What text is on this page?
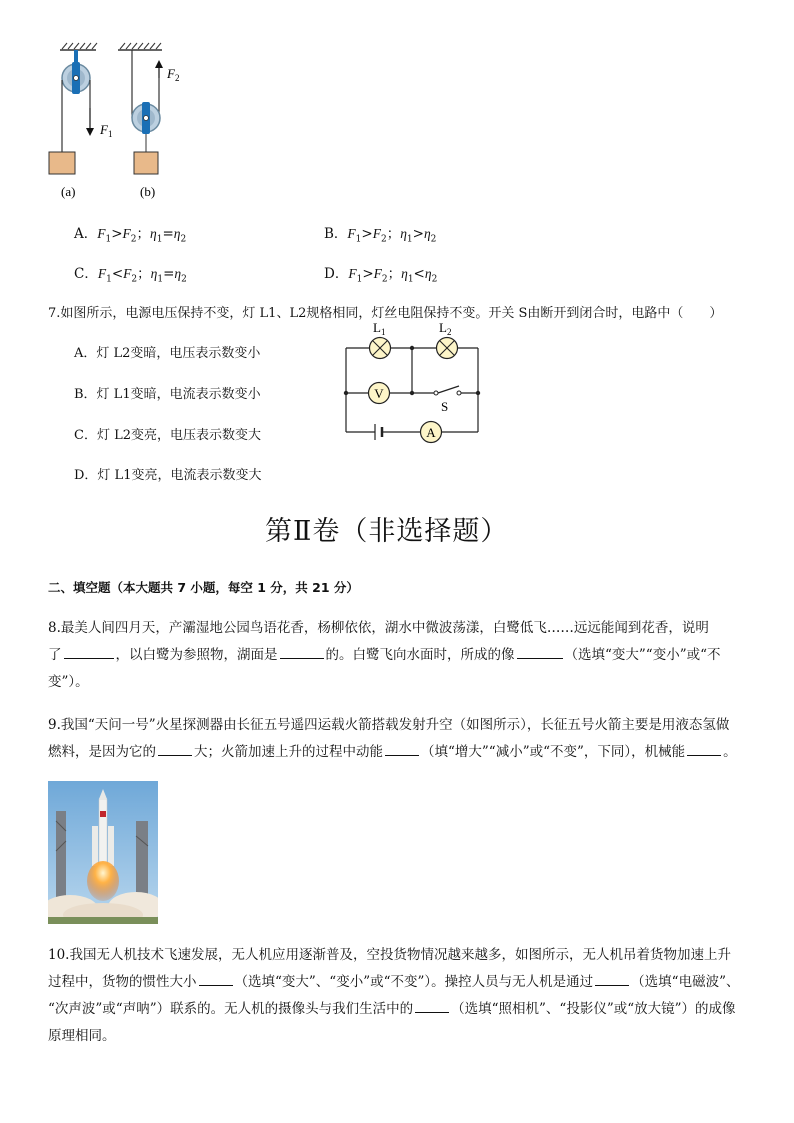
$F_1$
(a)
$F_2$
(b)
A．$F_1>F_2$；$\eta_1=\eta_2$	B．$F_1>F_2$；$\eta_1>\eta_2$
C．$F_1<F_2$；$\eta_1=\eta_2$	D．$F_1>F_2$；$\eta_1<\eta_2$
7.如图所示，电源电压保持不变，灯 L1、L2规格相同，灯丝电阻保持不变。开关 S由断开到闭合时，电路中（　　）
A．灯 L2变暗，电压表示数变小
B．灯 L1变暗，电流表示数变小
C．灯 L2变亮，电压表示数变大
D．灯 L1变亮，电流表示数变大
V
A
$L_1$	$L_2$
S
第Ⅱ卷（非选择题）
二、填空题（本大题共 7 小题，每空 1 分，共 21 分）
8.最美人间四月天，产灞湿地公园鸟语花香，杨柳依依，湖水中微波荡漾，白鹭低飞……远远能闻到花香，说明
了	，以白鹭为参照物，湖面是	的。白鹭飞向水面时，所成的像	（选填“变大”“变小”或“不
变”）。
9.我国“天问一号”火星探测器由长征五号遥四运载火箭搭载发射升空（如图所示），长征五号火箭主要是用液态氢做
燃料，是因为它的	大；火箭加速上升的过程中动能	（填“增大”“减小”或“不变”，下同），机械能	。
10.我国无人机技术飞速发展，无人机应用逐渐普及，空投货物情况越来越多，如图所示，无人机吊着货物加速上升
过程中，货物的惯性大小	（选填“变大”、“变小”或“不变”）。操控人员与无人机是通过	（选填“电磁波”、
“次声波”或“声呐”）联系的。无人机的摄像头与我们生活中的	（选填“照相机”、“投影仪”或“放大镜”）的成像
原理相同。
